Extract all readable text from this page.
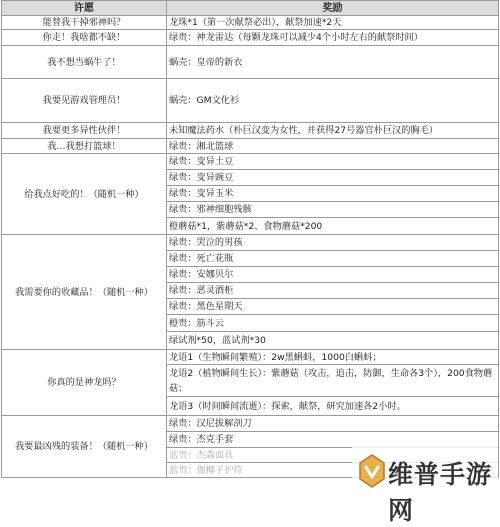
许愿	奖励
能替我干掉邪神吗？	龙珠*1（第一次献祭必出），献祭加速*2天
你走！我啥都不缺！	绿贵：神龙雷达（每颗龙珠可以减少4个小时左右的献祭时间）
我不想当蜗牛了！	蜗壳：皇帝的新衣
我要见游戏管理员！	蜗壳：GM文化衫
我要更多异性伙伴！	未知魔法药水（朴巨汉变为女性，并获得27号器官朴巨汉的胸毛）
我…我想打篮球！	绿贵：湘北篮球
给我点好吃的！（随机一种）	绿贵：变异土豆
	绿贵：变异豌豆
	绿贵：变异玉米
	绿贵：邪神细胞残骸
	橙蘑菇*1，紫蘑菇*2、食物蘑菇*200
我需要你的收藏品！（随机一种）	绿贵：哭泣的男孩
	绿贵：死亡花瓶
	绿贵：安娜贝尔
	绿贵：恶灵酒柜
	绿贵：黑色星期天
	橙贵：筋斗云
	绿试剂*50，蓝试剂*30
你真的是神龙吗？	龙语1（生物瞬间繁殖）：2w黑蝌蚪，1000白蝌蚪；
	龙语2（植物瞬间生长）：紫蘑菇（攻击，追击，防御，生命各3个），200食物蘑菇；
	龙语3（时间瞬间流逝）：探索，献祭，研究加速各2小时。
我要最凶残的装备！（随机一种）	绿贵：汉尼拔解剖刀
	绿贵：杰克手套
	蓝贵：杰森面具
	蓝贵：伽椰子护符	维普手游网
